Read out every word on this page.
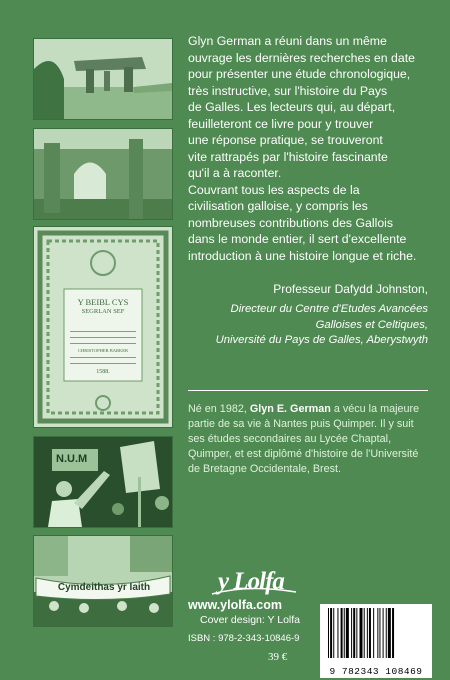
Y BEIBL CYS
SEGRLAN SEF
CHRISTOPHER BARKER
1588.
N.U.M
Cymdeithas yr Iaith

Glyn German a réuni dans un même

ouvrage les dernières recherches en date

pour présenter une étude chronologique,

très instructive, sur l'histoire du Pays

de Galles. Les lecteurs qui, au départ,

feuilleteront ce livre pour y trouver

une réponse pratique, se trouveront

vite rattrapés par l'histoire fascinante

qu'il a à raconter.

Couvrant tous les aspects de la

civilisation galloise, y compris les

nombreuses contributions des Gallois

dans le monde entier, il sert d'excellente

introduction à une histoire longue et riche.

Professeur Dafydd Johnston,
Directeur du Centre d'Etudes Avancées
Galloises et Celtiques,
Université du Pays de Galles, Aberystwyth
Né en 1982, Glyn E. German a vécu la majeure partie de sa vie à Nantes puis Quimper. Il y suit ses études secondaires au Lycée Chaptal, Quimper, et est diplômé d'histoire de l'Université de Bretagne Occidentale, Brest.
y Lolfa
www.ylolfa.com
Cover design: Y Lolfa
ISBN : 978-2-343-10846-9
39 €
9 782343 108469
